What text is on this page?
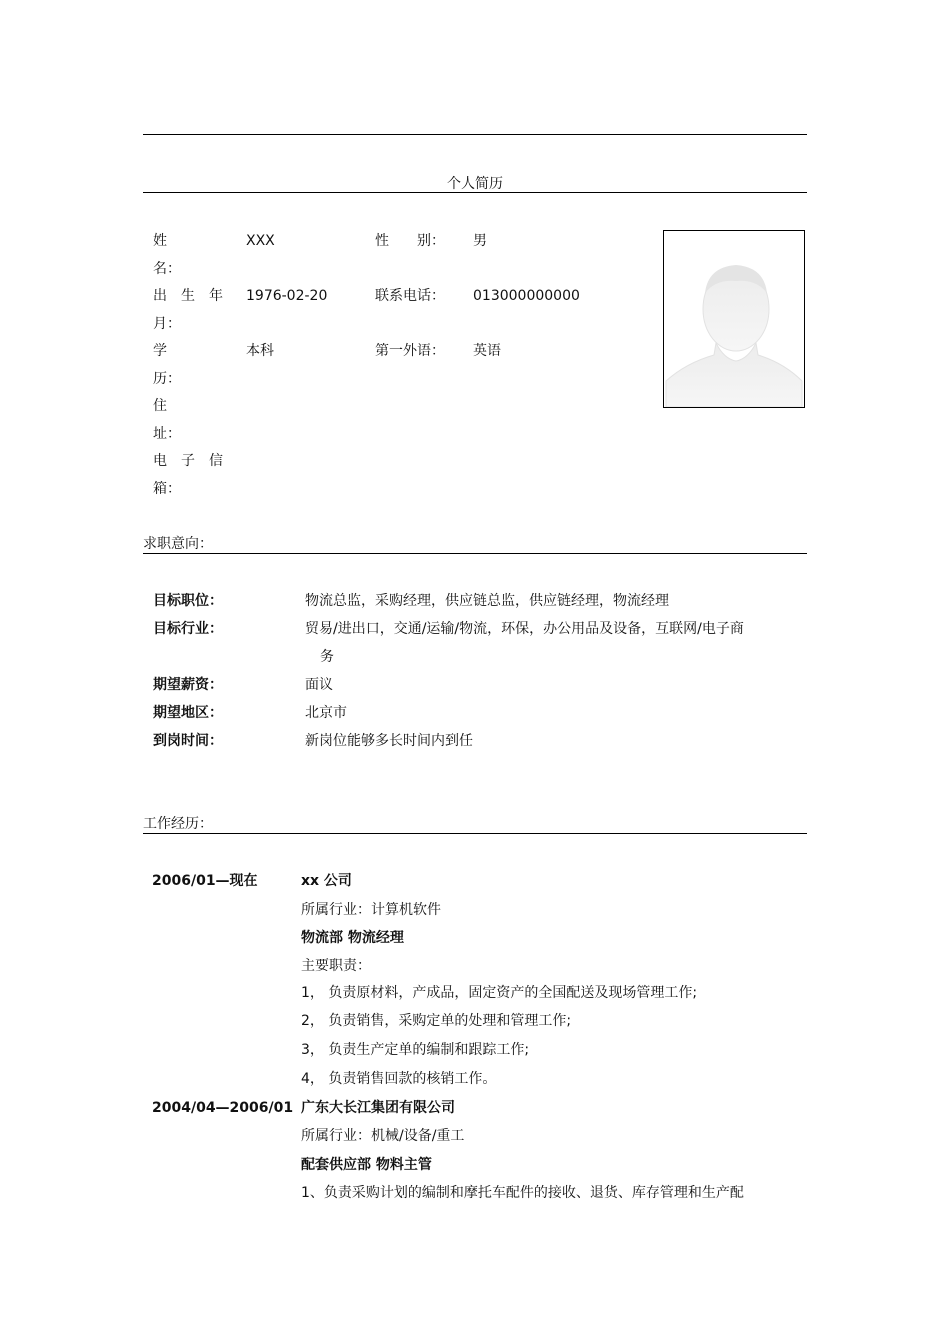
个人简历
姓
名：
XXX	性　　别： 男
出　生　年
月：
1976-02-20	联系电话： 013000000000
学
历：
本科	第一外语： 英语
住
址：
电　子　信
箱：
求职意向：
目标职位：	物流总监，采购经理，供应链总监，供应链经理，物流经理
目标行业：	贸易/进出口，交通/运输/物流，环保，办公用品及设备，互联网/电子商
务
期望薪资：	面议
期望地区：	北京市
到岗时间：	新岗位能够多长时间内到任
工作经历：
2006/01—现在	xx 公司
所属行业：计算机软件
物流部 物流经理
主要职责：
1， 负责原材料，产成品，固定资产的全国配送及现场管理工作;
2， 负责销售，采购定单的处理和管理工作;
3， 负责生产定单的编制和跟踪工作;
4， 负责销售回款的核销工作。
2004/04—2006/01 广东大长江集团有限公司
所属行业：机械/设备/重工
配套供应部 物料主管
1、负责采购计划的编制和摩托车配件的接收、退货、库存管理和生产配
